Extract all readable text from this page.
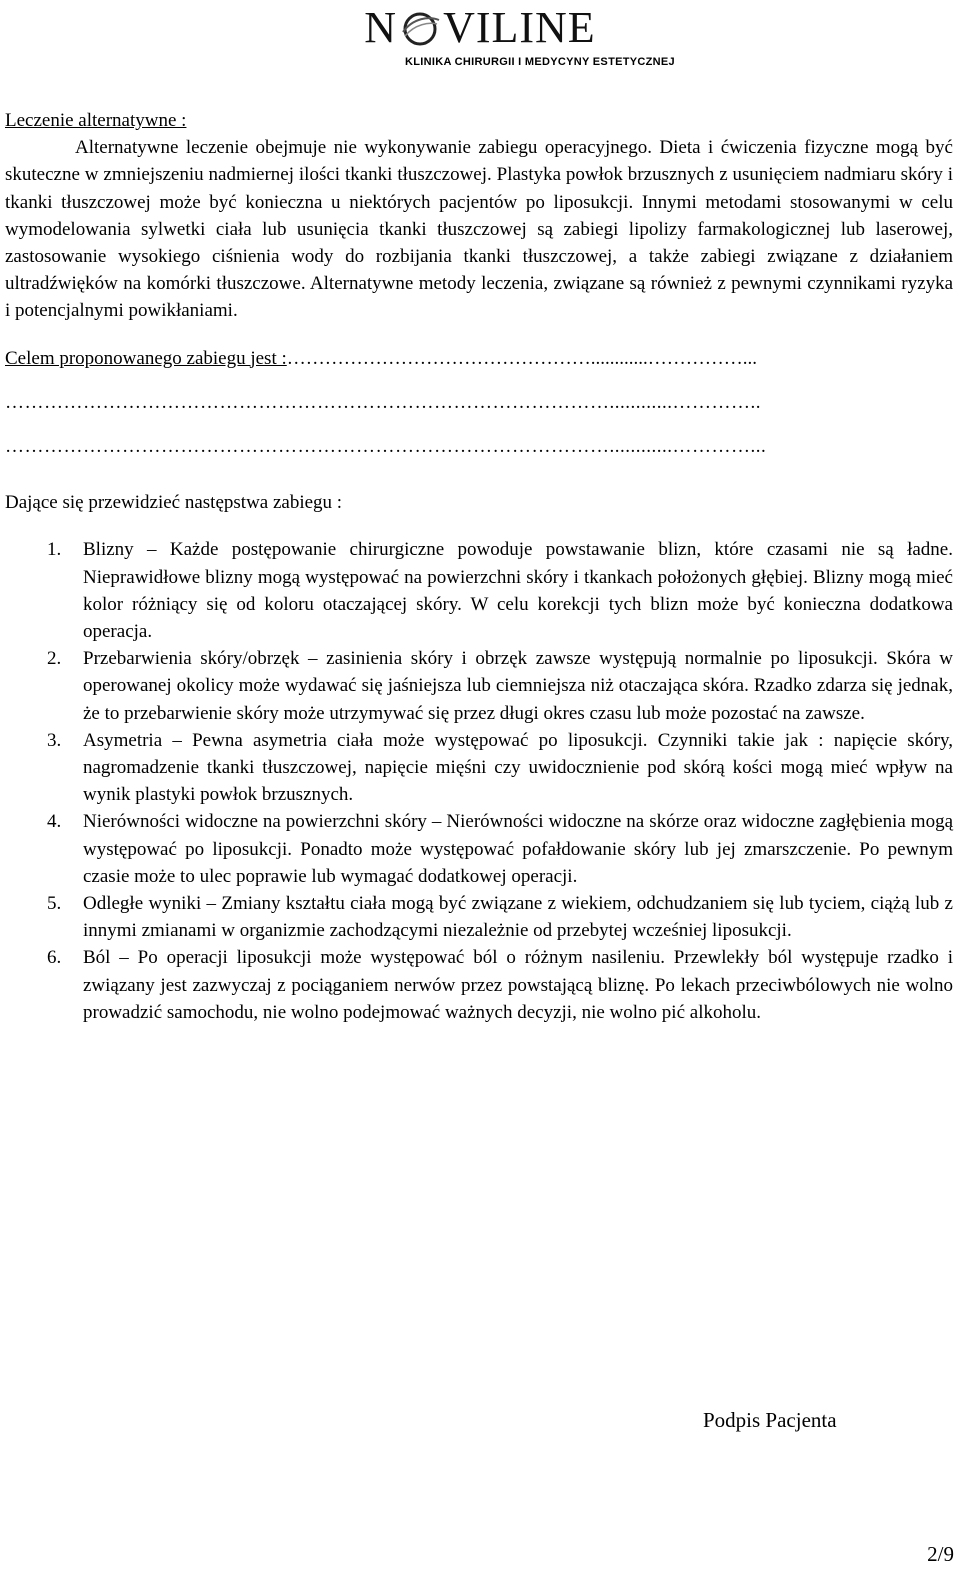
N VILINE
KLINIKA CHIRURGII I MEDYCYNY ESTETYCZNEJ
Leczenie alternatywne :
Alternatywne leczenie obejmuje nie wykonywanie zabiegu operacyjnego. Dieta i ćwiczenia fizyczne mogą być skuteczne w zmniejszeniu nadmiernej ilości tkanki tłuszczowej. Plastyka powłok brzusznych z usunięciem nadmiaru skóry i tkanki tłuszczowej może być konieczna u niektórych pacjentów po liposukcji. Innymi metodami stosowanymi w celu wymodelowania sylwetki ciała lub usunięcia tkanki tłuszczowej są zabiegi lipolizy farmakologicznej lub laserowej, zastosowanie wysokiego ciśnienia wody do rozbijania tkanki tłuszczowej, a także zabiegi związane z działaniem ultradźwięków na komórki tłuszczowe. Alternatywne metody leczenia, związane są również z pewnymi czynnikami ryzyka i potencjalnymi powikłaniami.
Celem proponowanego zabiegu jest :…………………………………………............……………...
…………………………………………………………………………………............…………..
…………………………………………………………………………………............…………...
Dające się przewidzieć następstwa zabiegu :
1. Blizny – Każde postępowanie chirurgiczne powoduje powstawanie blizn, które czasami nie są ładne. Nieprawidłowe blizny mogą występować na powierzchni skóry i tkankach położonych głębiej. Blizny mogą mieć kolor różniący się od koloru otaczającej skóry. W celu korekcji tych blizn może być konieczna dodatkowa operacja.
2. Przebarwienia skóry/obrzęk – zasinienia skóry i obrzęk zawsze występują normalnie po liposukcji. Skóra w operowanej okolicy może wydawać się jaśniejsza lub ciemniejsza niż otaczająca skóra. Rzadko zdarza się jednak, że to przebarwienie skóry może utrzymywać się przez długi okres czasu lub może pozostać na zawsze.
3. Asymetria – Pewna asymetria ciała może występować po liposukcji. Czynniki takie jak : napięcie skóry, nagromadzenie tkanki tłuszczowej, napięcie mięśni czy uwidocznienie pod skórą kości mogą mieć wpływ na wynik plastyki powłok brzusznych.
4. Nierówności widoczne na powierzchni skóry – Nierówności widoczne na skórze oraz widoczne zagłębienia mogą występować po liposukcji. Ponadto może występować pofałdowanie skóry lub jej zmarszczenie. Po pewnym czasie może to ulec poprawie lub wymagać dodatkowej operacji.
5. Odległe wyniki – Zmiany kształtu ciała mogą być związane z wiekiem, odchudzaniem się lub tyciem, ciążą lub z innymi zmianami w organizmie zachodzącymi niezależnie od przebytej wcześniej liposukcji.
6. Ból – Po operacji liposukcji może występować ból o różnym nasileniu. Przewlekły ból występuje rzadko i związany jest zazwyczaj z pociąganiem nerwów przez powstającą bliznę. Po lekach przeciwbólowych nie wolno prowadzić samochodu, nie wolno podejmować ważnych decyzji, nie wolno pić alkoholu.
Podpis Pacjenta
2/9
